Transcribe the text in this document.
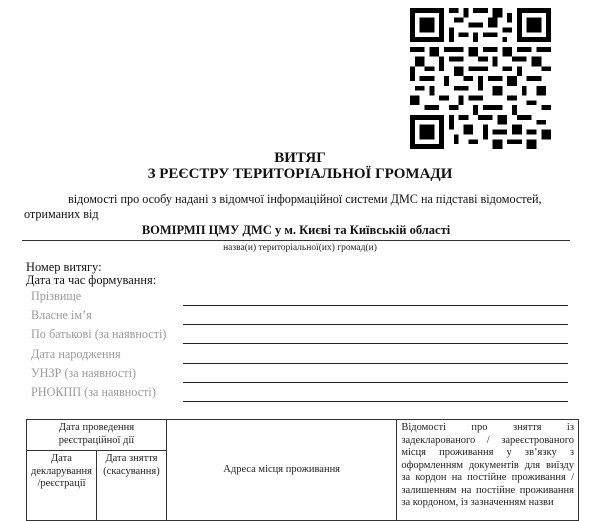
ВИТЯГ
З РЕЄСТРУ ТЕРИТОРІАЛЬНОЇ ГРОМАДИ
відомості про особу надані з відомчої інформаційної системи ДМС на підставі відомостей,
отриманих від
ВОМІРМП ЦМУ ДМС у м. Києві та Київській області
назва(и) територіальної(их) громад(и)
Номер витягу:
Дата та час формування:
Прізвище
Власне ім’я
По батькові (за наявності)
Дата народження
УНЗР (за наявності)
РНОКПП (за наявності)
Дата проведення реєстраційної дії		Адреса місця проживання	Відомості про зняття із задекларованого / зареєстрованого місця проживання у зв’язку з оформленням документів для виїзду за кордон на постійне проживання / залишенням на постійне проживання за кордоном, із зазначенням назви
Дата декларування /реєстрації	Дата зняття (скасування)		
